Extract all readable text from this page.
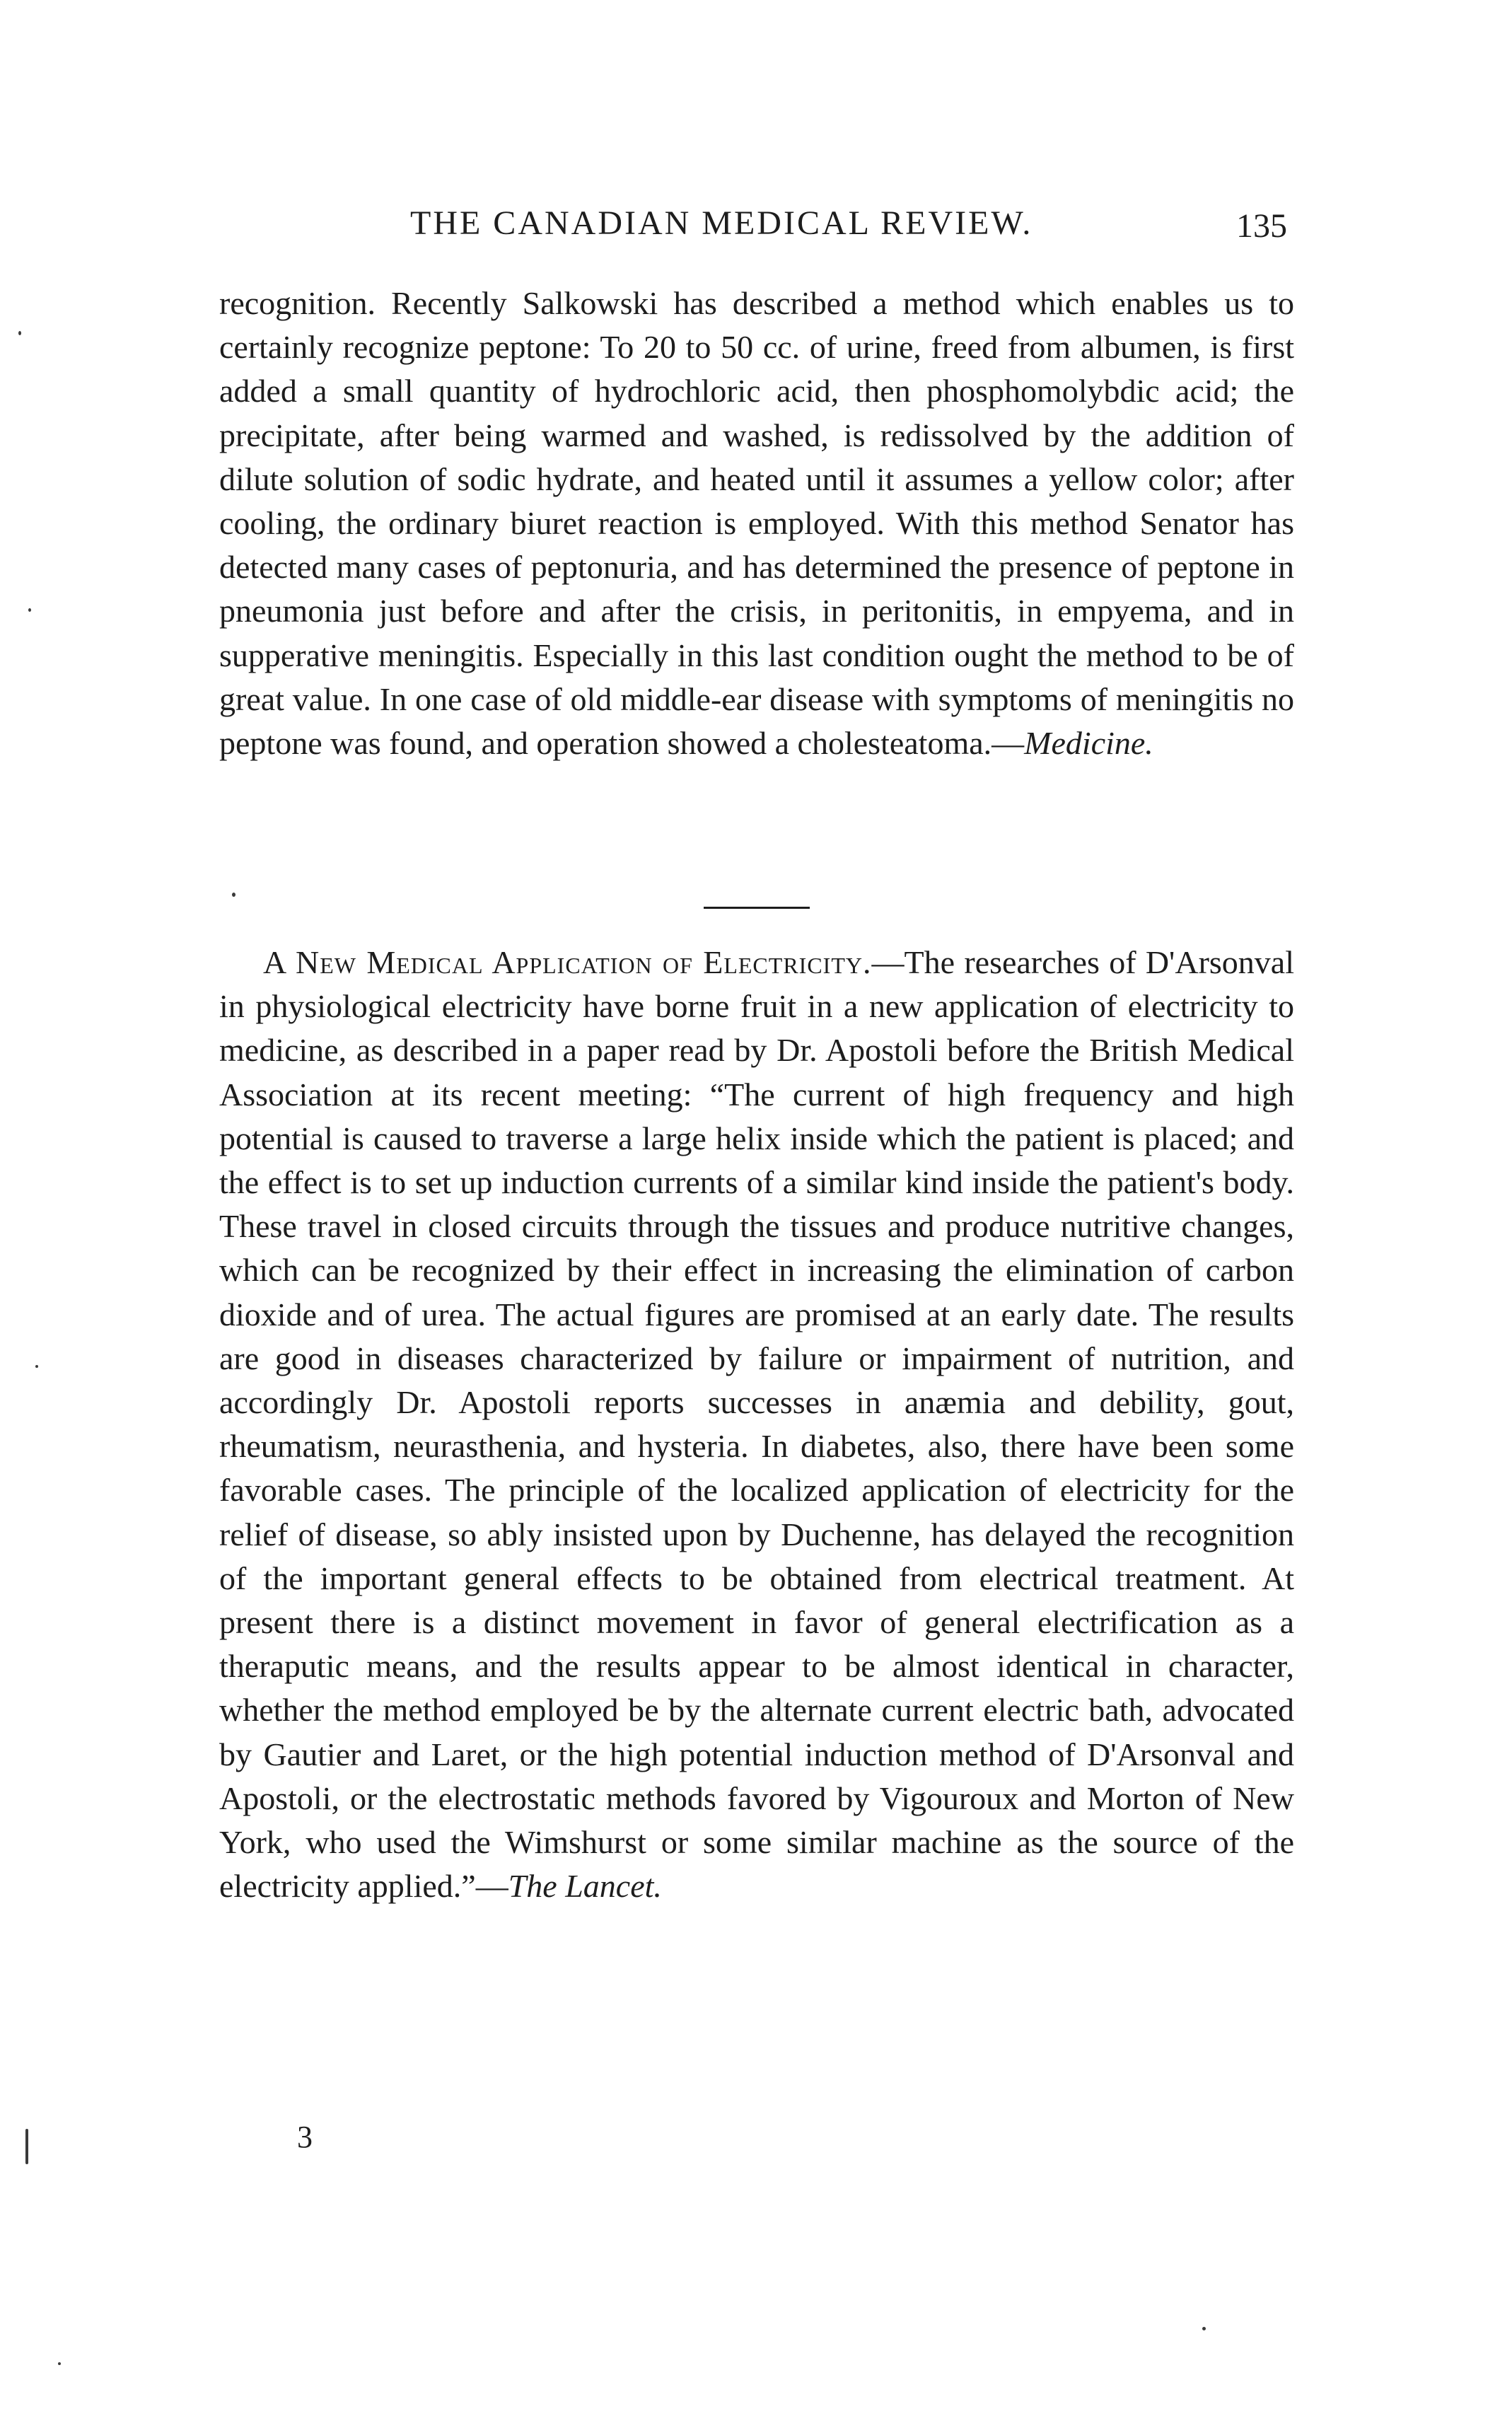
THE CANADIAN MEDICAL REVIEW.	135

recognition. Recently Salkowski has described a method which enables us to certainly recognize peptone: To 20 to 50 cc. of urine, freed from albumen, is first added a small quantity of hydrochloric acid, then phosphomolybdic acid; the precipitate, after being warmed and washed, is redissolved by the addition of dilute solution of sodic hydrate, and heated until it assumes a yellow color; after cooling, the ordinary biuret reaction is employed. With this method Senator has detected many cases of peptonuria, and has determined the presence of peptone in pneumonia just before and after the crisis, in peritonitis, in empyema, and in supperative meningitis. Especially in this last condition ought the method to be of great value. In one case of old middle-ear disease with symptoms of meningitis no peptone was found, and operation showed a cholesteatoma.—Medicine.

A New Medical Application of Electricity.—The researches of D'Arsonval in physiological electricity have borne fruit in a new application of electricity to medicine, as described in a paper read by Dr. Apostoli before the British Medical Association at its recent meeting: “The current of high frequency and high potential is caused to traverse a large helix inside which the patient is placed; and the effect is to set up induction currents of a similar kind inside the patient's body. These travel in closed circuits through the tissues and produce nutritive changes, which can be recognized by their effect in increasing the elimination of carbon dioxide and of urea. The actual figures are promised at an early date. The results are good in diseases characterized by failure or impairment of nutrition, and accordingly Dr. Apostoli reports successes in anæmia and debility, gout, rheumatism, neurasthenia, and hysteria. In diabetes, also, there have been some favorable cases. The principle of the localized application of electricity for the relief of disease, so ably insisted upon by Duchenne, has delayed the recognition of the important general effects to be obtained from electrical treatment. At present there is a distinct movement in favor of general electrification as a theraputic means, and the results appear to be almost identical in character, whether the method employed be by the alternate current electric bath, advocated by Gautier and Laret, or the high potential induction method of D'Arsonval and Apostoli, or the electrostatic methods favored by Vigouroux and Morton of New York, who used the Wimshurst or some similar machine as the source of the electricity applied.”—The Lancet.

3
